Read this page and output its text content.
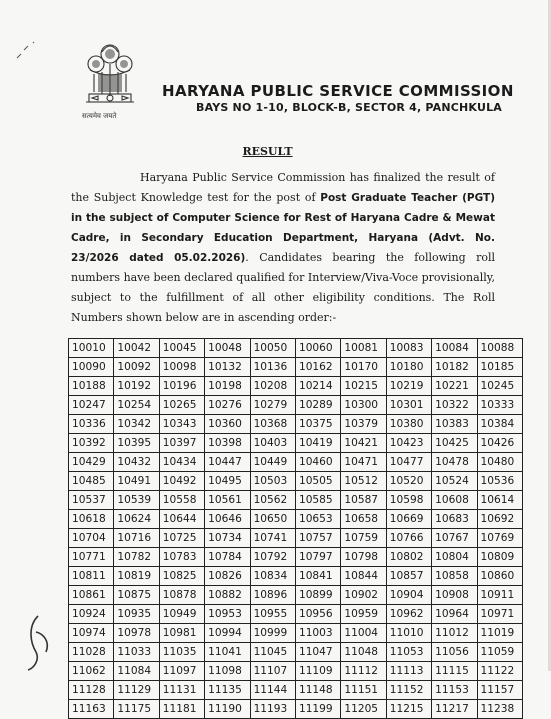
सत्यमेव जयते
HARYANA PUBLIC SERVICE COMMISSION
BAYS NO 1-10, BLOCK-B, SECTOR 4, PANCHKULA
RESULT

Haryana Public Service Commission has finalized the result of the Subject Knowledge test for the post of Post Graduate Teacher (PGT) in the subject of Computer Science for Rest of Haryana Cadre & Mewat Cadre, in Secondary Education Department, Haryana (Advt. No. 23/2026 dated 05.02.2026). Candidates bearing the following roll numbers have been declared qualified for Interview/Viva-Voce provisionally, subject to the fulfillment of all other eligibility conditions. The Roll Numbers shown below are in ascending order:-

10010	10042	10045	10048	10050	10060	10081	10083	10084	10088
10090	10092	10098	10132	10136	10162	10170	10180	10182	10185
10188	10192	10196	10198	10208	10214	10215	10219	10221	10245
10247	10254	10265	10276	10279	10289	10300	10301	10322	10333
10336	10342	10343	10360	10368	10375	10379	10380	10383	10384
10392	10395	10397	10398	10403	10419	10421	10423	10425	10426
10429	10432	10434	10447	10449	10460	10471	10477	10478	10480
10485	10491	10492	10495	10503	10505	10512	10520	10524	10536
10537	10539	10558	10561	10562	10585	10587	10598	10608	10614
10618	10624	10644	10646	10650	10653	10658	10669	10683	10692
10704	10716	10725	10734	10741	10757	10759	10766	10767	10769
10771	10782	10783	10784	10792	10797	10798	10802	10804	10809
10811	10819	10825	10826	10834	10841	10844	10857	10858	10860
10861	10875	10878	10882	10896	10899	10902	10904	10908	10911
10924	10935	10949	10953	10955	10956	10959	10962	10964	10971
10974	10978	10981	10994	10999	11003	11004	11010	11012	11019
11028	11033	11035	11041	11045	11047	11048	11053	11056	11059
11062	11084	11097	11098	11107	11109	11112	11113	11115	11122
11128	11129	11131	11135	11144	11148	11151	11152	11153	11157
11163	11175	11181	11190	11193	11199	11205	11215	11217	11238
